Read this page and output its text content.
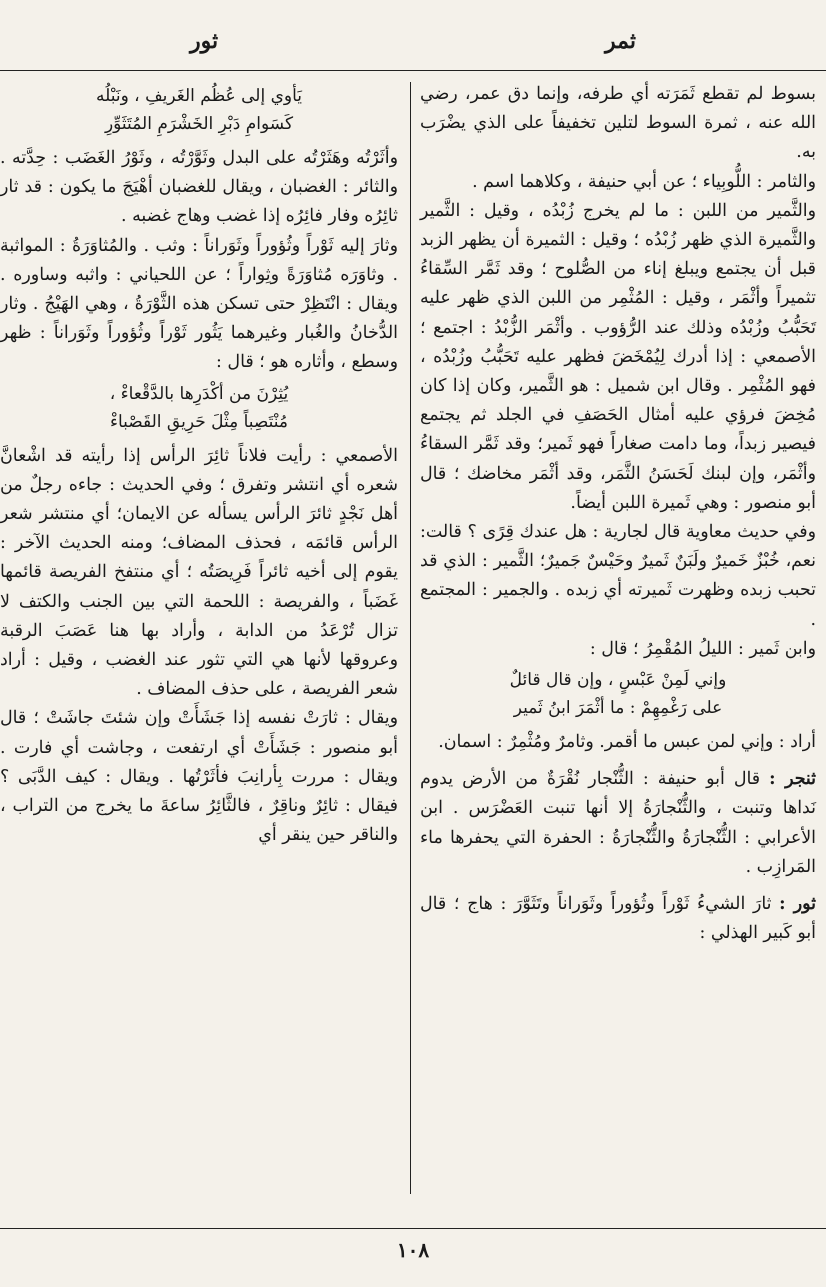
ثمر
ثور

بسوط لم تقطع ثَمَرَته أي طرفه، وإنما دق عمر، رضي الله عنه ، ثمرة السوط لتلين تخفيفاً على الذي يضْرَب به.

والثامر : اللُّوبِياء ؛ عن أبي حنيفة ، وكلاهما اسم .

والثَّمير من اللبن : ما لم يخرج زُبْدُه ، وقيل : الثَّمير والثَّميرة الذي ظهر زُبْدُه ؛ وقيل : الثميرة أن يظهر الزبد قبل أن يجتمع ويبلغ إناء من الصُّلوح ؛ وقد ثَمَّر السِّقاءُ تثميراً وأثْمَر ، وقيل : المُثْمِر من اللبن الذي ظهر عليه تَحَبُّبُ وزُبْدُه وذلك عند الرُّؤوب . وأثْمَر الزُّبْدُ : اجتمع ؛ الأصمعي : إذا أدرك لِيُمْخَضَ فظهر عليه تَحَبُّبُ وزُبْدُه ، فهو المُثْمِر . وقال ابن شميل : هو الثَّمير، وكان إذا كان مُخِضَ فرؤي عليه أمثال الحَصَفِ في الجلد ثم يجتمع فيصير زبداً، وما دامت صغاراً فهو ثَمير؛ وقد ثَمَّر السقاءُ وأثْمَر، وإن لبنك لَحَسَنُ الثَّمَر، وقد أثْمَر مخاضك ؛ قال أبو منصور : وهي ثَميرة اللبن أيضاً.

وفي حديث معاوية قال لجارية : هل عندك قِرًى ؟ قالت: نعم، خُبْزٌ خَميرٌ ولَبَنٌ ثَميرٌ وحَيْسٌ جَميرٌ؛ الثَّمير : الذي قد تحبب زبده وظهرت ثَميرته أي زبده . والجمير : المجتمع .

وابن ثَمير : الليلُ المُقْمِرُ ؛ قال :

وإني لَمِنْ عَبْسٍ ، وإن قال قائلٌ
على رَغْمِهِمْ : ما أثْمَرَ ابنُ ثَمير

أراد : وإني لمن عبس ما أقمر. وثامرٌ ومُثْمِرٌ : اسمان.

ثنجر : قال أبو حنيفة : الثُّنْجار نُقْرَةٌ من الأرض يدوم نَداها وتنبت ، والثُّنْجارَةُ إلا أنها تنبت العَضْرَس . ابن الأعرابي : الثُّنْجارَةُ والثُّنْجارَةُ : الحفرة التي يحفرها ماء المَرازِب .

ثور : ثارَ الشيءُ ثَوْراً وثُؤوراً وثَوَراناً وتَثَوَّرَ : هاج ؛ قال أبو كَبير الهذلي :

يَأوي إلى عُظُم الغَريفِ ، ونَبْلُه
كَسَوامِ دَبْرِ الخَشْرَمِ المُتَثَوِّرِ

وأثَرْتُه وهَثَرْتُه على البدل وثَوَّرْتُه ، وثَوْرُ الغَضَب : حِدَّته . والثائر : الغضبان ، ويقال للغضبان أهْيَجَ ما يكون : قد ثار ثائِرُه وفار فائِرُه إذا غضب وهاج غضبه .

وثارَ إليه ثَوْراً وثُؤوراً وثَوَراناً : وثب . والمُثاوَرَةُ : المواثبة . وثاوَرَه مُثاوَرَةً وثِواراً ؛ عن اللحياني : واثبه وساوره . ويقال : انْتَظِرْ حتى تسكن هذه الثَّوْرَةُ ، وهي الهَيْجُ . وثار الدُّخانُ والغُبار وغيرهما يَثُور ثَوْراً وثُؤوراً وثَوَراناً : ظهر وسطع ، وأثاره هو ؛ قال :

يُثِرْنَ من أكْدَرِها بالدَّقْعاءْ ،
مُنْتَصِباً مِثْلَ حَرِيقِ القَصْباءْ

الأصمعي : رأيت فلاناً ثائِرَ الرأس إذا رأيته قد اشْعانَّ شعره أي انتشر وتفرق ؛ وفي الحديث : جاءه رجلٌ من أهل نَجْدٍ ثائرَ الرأس يسأله عن الايمان؛ أي منتشر شعر الرأس قائمَه ، فحذف المضاف؛ ومنه الحديث الآخر : يقوم إلى أخيه ثائراً فَرِيصَتُه ؛ أي منتفخ الفريصة قائمها غَضَباً ، والفريصة : اللحمة التي بين الجنب والكتف لا تزال تُرْعَدُ من الدابة ، وأراد بها هنا عَصَبَ الرقبة وعروقها لأنها هي التي تثور عند الغضب ، وقيل : أراد شعر الفريصة ، على حذف المضاف .

ويقال : ثارَتْ نفسه إذا جَشَأَتْ وإن شئتَ جاشَتْ ؛ قال أبو منصور : جَشَأَتْ أي ارتفعت ، وجاشت أي فارت . ويقال : مررت بِأرانِبَ فأثَرْتُها . ويقال : كيف الدَّبَى ؟ فيقال : ثائِرٌ وناقِرٌ ، فالثَّائِرُ ساعةَ ما يخرج من التراب ، والناقر حين ينقر أي

١٠٨
